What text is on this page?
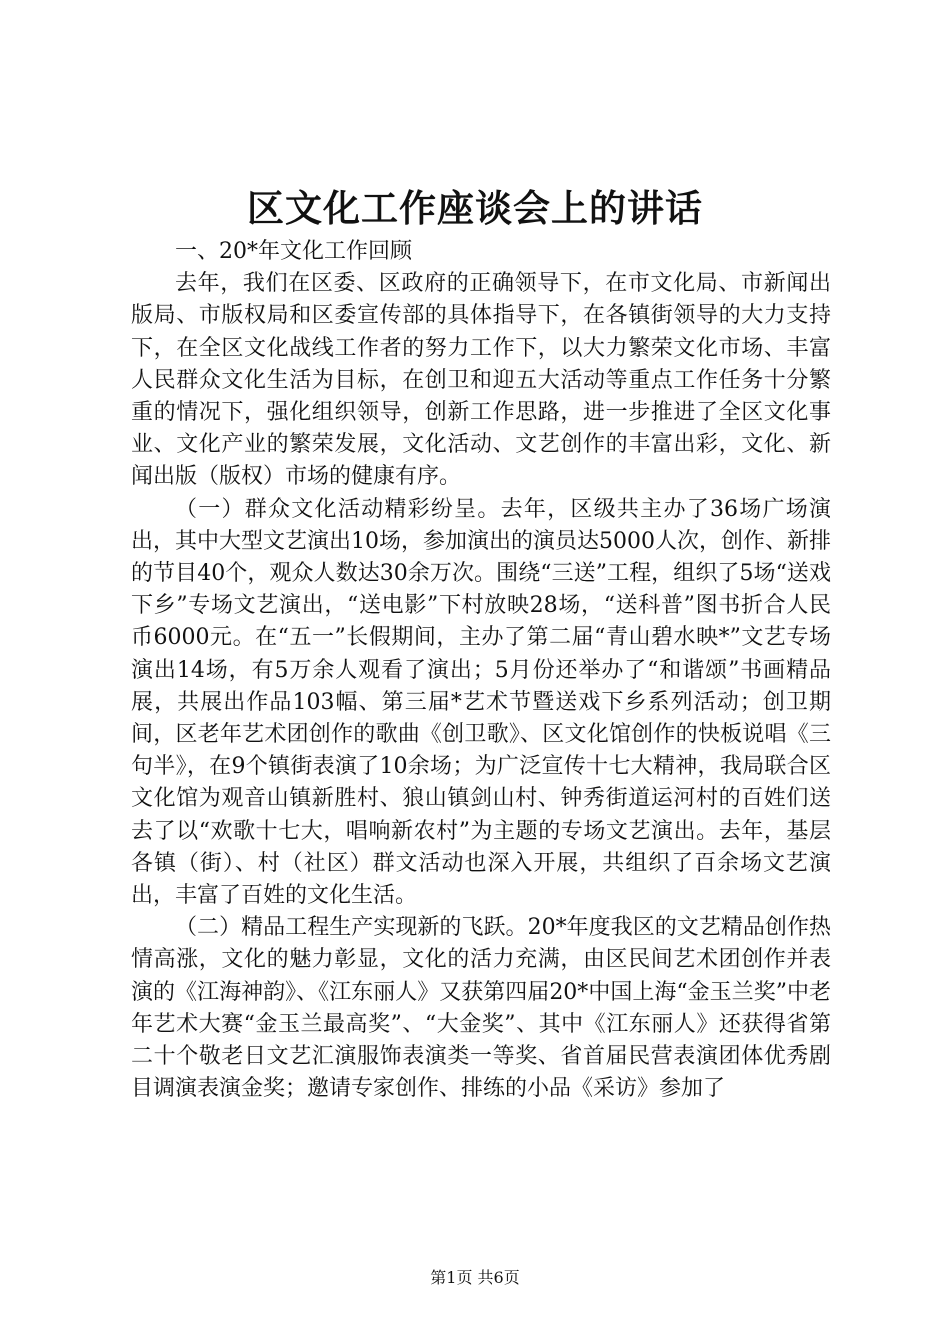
区文化工作座谈会上的讲话

一、20*年文化工作回顾

去年，我们在区委、区政府的正确领导下，在市文化局、市新闻出版局、市版权局和区委宣传部的具体指导下，在各镇街领导的大力支持下，在全区文化战线工作者的努力工作下，以大力繁荣文化市场、丰富人民群众文化生活为目标，在创卫和迎五大活动等重点工作任务十分繁重的情况下，强化组织领导，创新工作思路，进一步推进了全区文化事业、文化产业的繁荣发展，文化活动、文艺创作的丰富出彩，文化、新闻出版（版权）市场的健康有序。

（一）群众文化活动精彩纷呈。去年，区级共主办了36场广场演出，其中大型文艺演出10场，参加演出的演员达5000人次，创作、新排的节目40个，观众人数达30余万次。围绕“三送”工程，组织了5场“送戏下乡”专场文艺演出，“送电影”下村放映28场，“送科普”图书折合人民币6000元。在“五一”长假期间，主办了第二届“青山碧水映*”文艺专场演出14场，有5万余人观看了演出；5月份还举办了“和谐颂”书画精品展，共展出作品103幅、第三届*艺术节暨送戏下乡系列活动；创卫期间，区老年艺术团创作的歌曲《创卫歌》、区文化馆创作的快板说唱《三句半》，在9个镇街表演了10余场；为广泛宣传十七大精神，我局联合区文化馆为观音山镇新胜村、狼山镇剑山村、钟秀街道运河村的百姓们送去了以“欢歌十七大，唱响新农村”为主题的专场文艺演出。去年，基层各镇（街）、村（社区）群文活动也深入开展，共组织了百余场文艺演出，丰富了百姓的文化生活。

（二）精品工程生产实现新的飞跃。20*年度我区的文艺精品创作热情高涨，文化的魅力彰显，文化的活力充满，由区民间艺术团创作并表演的《江海神韵》、《江东丽人》又获第四届20*中国上海“金玉兰奖”中老年艺术大赛“金玉兰最高奖”、“大金奖”、其中《江东丽人》还获得省第二十个敬老日文艺汇演服饰表演类一等奖、省首届民营表演团体优秀剧目调演表演金奖；邀请专家创作、排练的小品《采访》参加了

第1页 共6页
